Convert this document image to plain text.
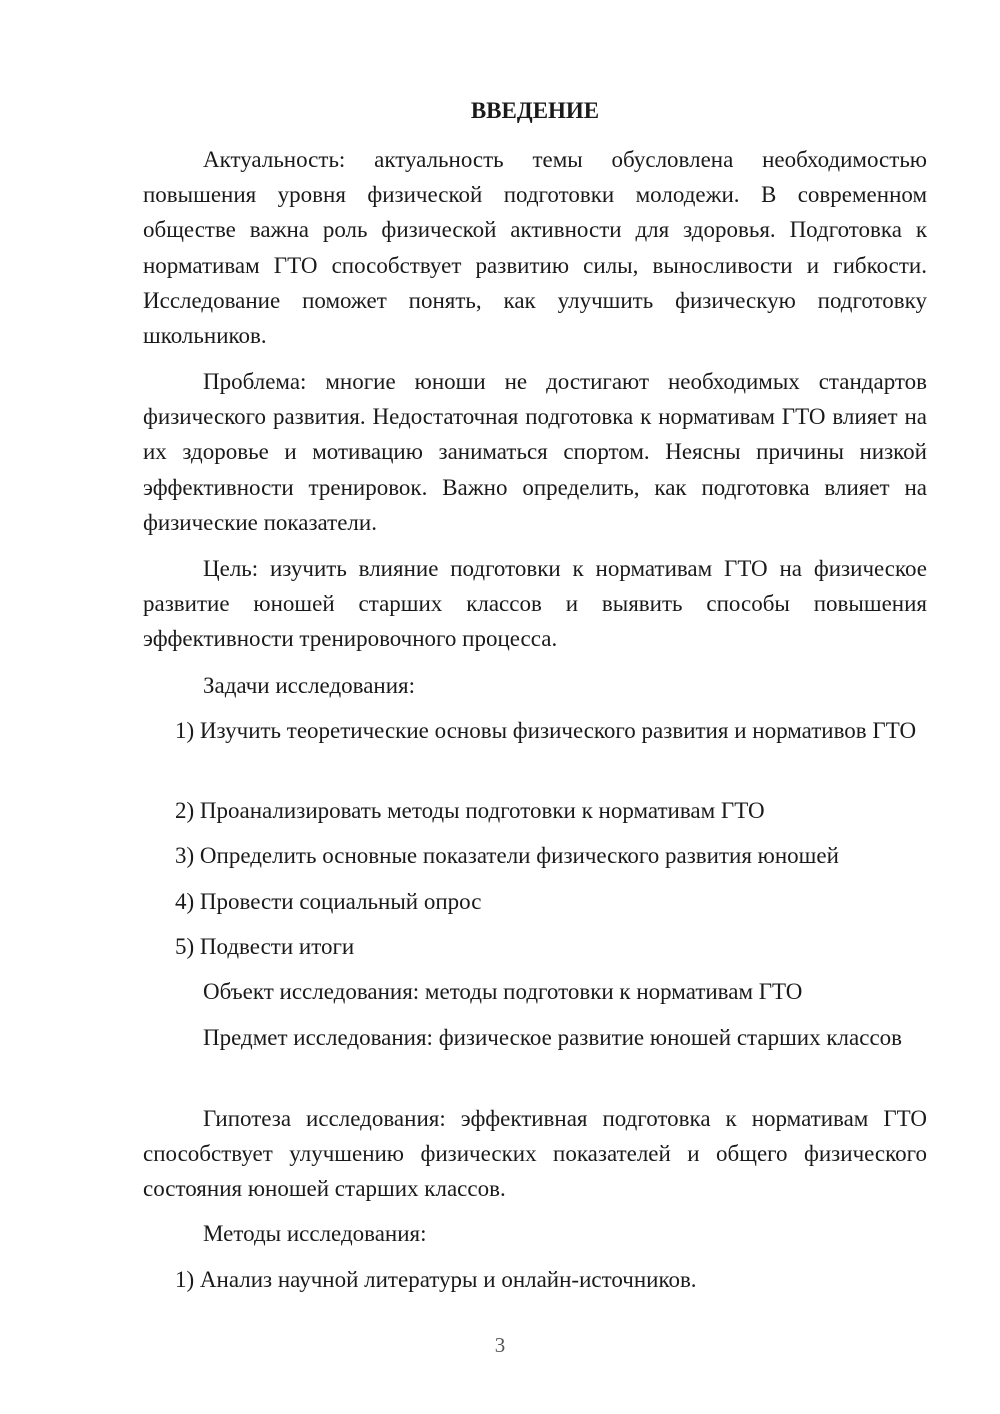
ВВЕДЕНИЕ

Актуальность: актуальность темы обусловлена необходимостью повышения уровня физической подготовки молодежи. В современном обществе важна роль физической активности для здоровья. Подготовка к нормативам ГТО способствует развитию силы, выносливости и гибкости. Исследование поможет понять, как улучшить физическую подготовку школьников.

Проблема: многие юноши не достигают необходимых стандартов физического развития. Недостаточная подготовка к нормативам ГТО влияет на их здоровье и мотивацию заниматься спортом. Неясны причины низкой эффективности тренировок. Важно определить, как подготовка влияет на физические показатели.

Цель: изучить влияние подготовки к нормативам ГТО на физическое развитие юношей старших классов и выявить способы повышения эффективности тренировочного процесса.

Задачи исследования:

1) Изучить теоретические основы физического развития и нормативов ГТО

2) Проанализировать методы подготовки к нормативам ГТО

3) Определить основные показатели физического развития юношей

4) Провести социальный опрос

5) Подвести итоги

Объект исследования: методы подготовки к нормативам ГТО

Предмет исследования: физическое развитие юношей старших классов

Гипотеза исследования: эффективная подготовка к нормативам ГТО способствует улучшению физических показателей и общего физического состояния юношей старших классов.

Методы исследования:

1) Анализ научной литературы и онлайн-источников.

3
